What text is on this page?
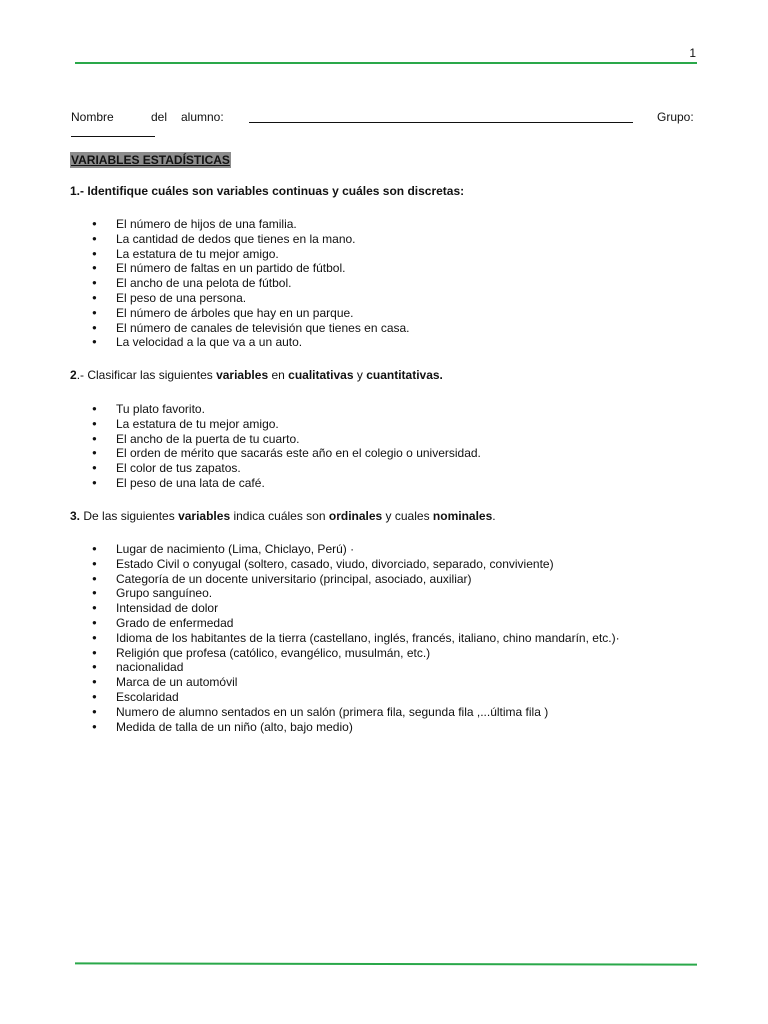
1
Nombre	del alumno:	Grupo:
VARIABLES ESTADÍSTICAS
1.- Identifique cuáles son variables continuas y cuáles son discretas:
● El número de hijos de una familia.
● La cantidad de dedos que tienes en la mano.
● La estatura de tu mejor amigo.
● El número de faltas en un partido de fútbol.
● El ancho de una pelota de fútbol.
● El peso de una persona.
● El número de árboles que hay en un parque.
● El número de canales de televisión que tienes en casa.
● La velocidad a la que va a un auto.
2.- Clasificar las siguientes variables en cualitativas y cuantitativas.
● Tu plato favorito.
● La estatura de tu mejor amigo.
● El ancho de la puerta de tu cuarto.
● El orden de mérito que sacarás este año en el colegio o universidad.
● El color de tus zapatos.
● El peso de una lata de café.
3. De las siguientes variables indica cuáles son ordinales y cuales nominales.
● Lugar de nacimiento (Lima, Chiclayo, Perú) ·
● Estado Civil o conyugal (soltero, casado, viudo, divorciado, separado, conviviente)
● Categoría de un docente universitario (principal, asociado, auxiliar)
● Grupo sanguíneo.
● Intensidad de dolor
● Grado de enfermedad
● Idioma de los habitantes de la tierra (castellano, inglés, francés, italiano, chino mandarín, etc.)·
● Religión que profesa (católico, evangélico, musulmán, etc.)
● nacionalidad
● Marca de un automóvil
● Escolaridad
● Numero de alumno sentados en un salón (primera fila, segunda fila ,...última fila )
● Medida de talla de un niño (alto, bajo medio)
